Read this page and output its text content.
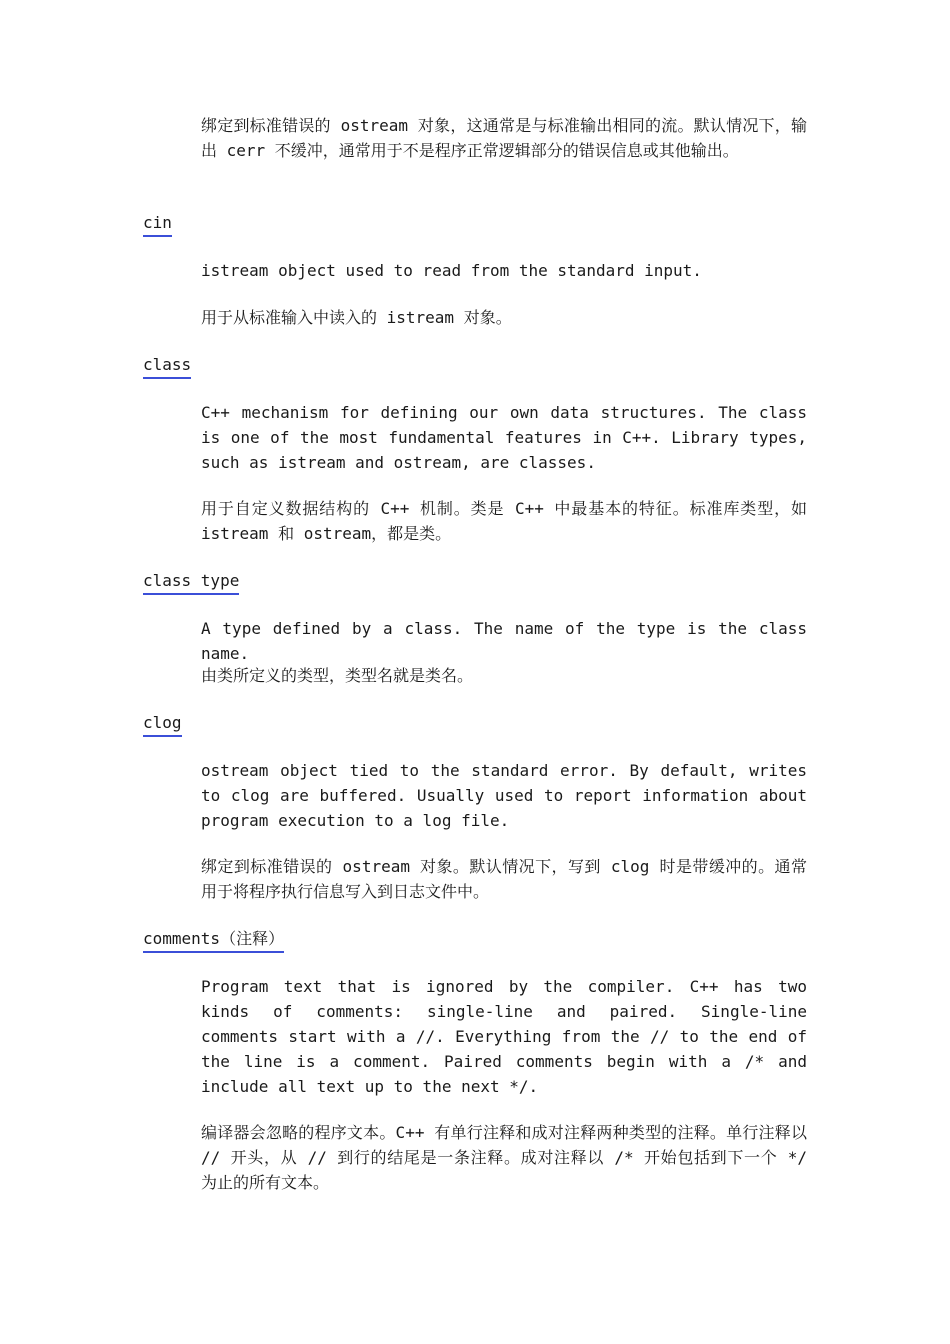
绑定到标准错误的 ostream 对象，这通常是与标准输出相同的流。默认情况下，输出 cerr 不缓冲，通常用于不是程序正常逻辑部分的错误信息或其他输出。

cin

istream object used to read from the standard input.

用于从标准输入中读入的 istream 对象。

class

C++ mechanism for defining our own data structures. The class is one of the most fundamental features in C++. Library types, such as istream and ostream, are classes.

用于自定义数据结构的 C++ 机制。类是 C++ 中最基本的特征。标准库类型，如 istream 和 ostream，都是类。

class type

A type defined by a class. The name of the type is the class name.

由类所定义的类型，类型名就是类名。

clog

ostream object tied to the standard error. By default, writes to clog are buffered. Usually used to report information about program execution to a log file.

绑定到标准错误的 ostream 对象。默认情况下，写到 clog 时是带缓冲的。通常用于将程序执行信息写入到日志文件中。

comments（注释）

Program text that is ignored by the compiler. C++ has two kinds of comments: single-line and paired. Single-line comments start with a //. Everything from the // to the end of the line is a comment. Paired comments begin with a /* and include all text up to the next */.

编译器会忽略的程序文本。C++ 有单行注释和成对注释两种类型的注释。单行注释以 // 开头，从 // 到行的结尾是一条注释。成对注释以 /* 开始包括到下一个 */ 为止的所有文本。
